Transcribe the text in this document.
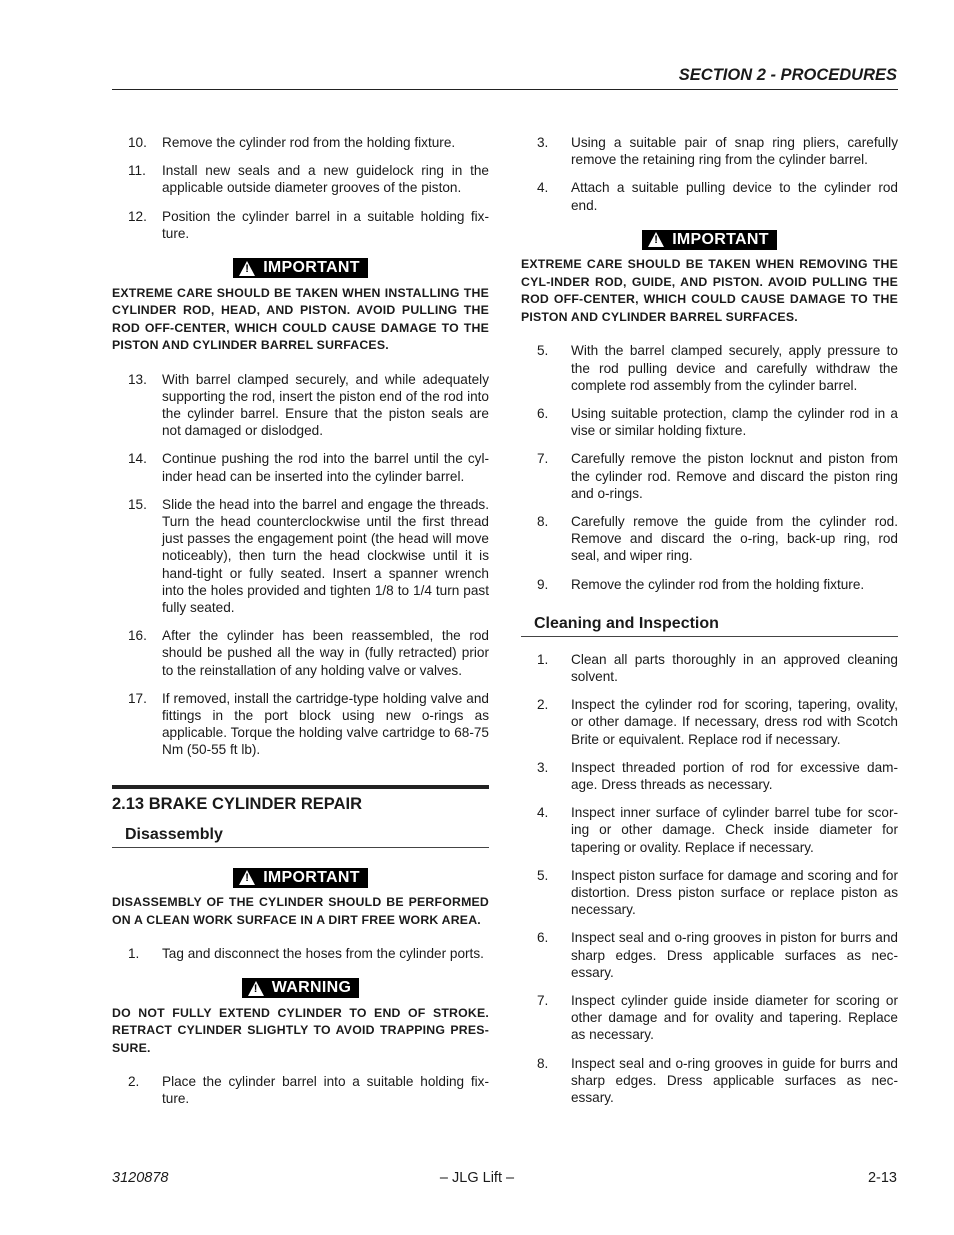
SECTION 2 - PROCEDURES
10.	Remove the cylinder rod from the holding fixture.
11.	Install new seals and a new guidelock ring in the applicable outside diameter grooves of the piston.
12.	Position the cylinder barrel in a suitable holding fix-ture.
!
IMPORTANT
EXTREME CARE SHOULD BE TAKEN WHEN INSTALLING THE CYLINDER ROD, HEAD, AND PISTON. AVOID PULLING THE ROD OFF-CENTER, WHICH COULD CAUSE DAMAGE TO THE PISTON AND CYLINDER BARREL SURFACES.
13.	With barrel clamped securely, and while adequately supporting the rod, insert the piston end of the rod into the cylinder barrel. Ensure that the piston seals are not damaged or dislodged.
14.	Continue pushing the rod into the barrel until the cyl-inder head can be inserted into the cylinder barrel.
15.	Slide the head into the barrel and engage the threads. Turn the head counterclockwise until the first thread just passes the engagement point (the head will move noticeably), then turn the head clockwise until it is hand-tight or fully seated. Insert a spanner wrench into the holes provided and tighten 1/8 to 1/4 turn past fully seated.
16.	After the cylinder has been reassembled, the rod should be pushed all the way in (fully retracted) prior to the reinstallation of any holding valve or valves.
17.	If removed, install the cartridge-type holding valve and fittings in the port block using new o-rings as applicable. Torque the holding valve cartridge to 68-75 Nm (50-55 ft lb).
2.13 BRAKE CYLINDER REPAIR
Disassembly
!
IMPORTANT
DISASSEMBLY OF THE CYLINDER SHOULD BE PERFORMED ON A CLEAN WORK SURFACE IN A DIRT FREE WORK AREA.
1.	Tag and disconnect the hoses from the cylinder ports.
!
WARNING
DO NOT FULLY EXTEND CYLINDER TO END OF STROKE. RETRACT CYLINDER SLIGHTLY TO AVOID TRAPPING PRES-SURE.
2.	Place the cylinder barrel into a suitable holding fix-ture.
3.	Using a suitable pair of snap ring pliers, carefully remove the retaining ring from the cylinder barrel.
4.	Attach a suitable pulling device to the cylinder rod end.
!
IMPORTANT
EXTREME CARE SHOULD BE TAKEN WHEN REMOVING THE CYL-INDER ROD, GUIDE, AND PISTON. AVOID PULLING THE ROD OFF-CENTER, WHICH COULD CAUSE DAMAGE TO THE PISTON AND CYLINDER BARREL SURFACES.
5.	With the barrel clamped securely, apply pressure to the rod pulling device and carefully withdraw the complete rod assembly from the cylinder barrel.
6.	Using suitable protection, clamp the cylinder rod in a vise or similar holding fixture.
7.	Carefully remove the piston locknut and piston from the cylinder rod. Remove and discard the piston ring and o-rings.
8.	Carefully remove the guide from the cylinder rod. Remove and discard the o-ring, back-up ring, rod seal, and wiper ring.
9.	Remove the cylinder rod from the holding fixture.
Cleaning and Inspection
1.	Clean all parts thoroughly in an approved cleaning solvent.
2.	Inspect the cylinder rod for scoring, tapering, ovality, or other damage. If necessary, dress rod with Scotch Brite or equivalent. Replace rod if necessary.
3.	Inspect threaded portion of rod for excessive dam-age. Dress threads as necessary.
4.	Inspect inner surface of cylinder barrel tube for scor-ing or other damage. Check inside diameter for tapering or ovality. Replace if necessary.
5.	Inspect piston surface for damage and scoring and for distortion. Dress piston surface or replace piston as necessary.
6.	Inspect seal and o-ring grooves in piston for burrs and sharp edges. Dress applicable surfaces as nec-essary.
7.	Inspect cylinder guide inside diameter for scoring or other damage and for ovality and tapering. Replace as necessary.
8.	Inspect seal and o-ring grooves in guide for burrs and sharp edges. Dress applicable surfaces as nec-essary.
3120878	– JLG Lift –	2-13
